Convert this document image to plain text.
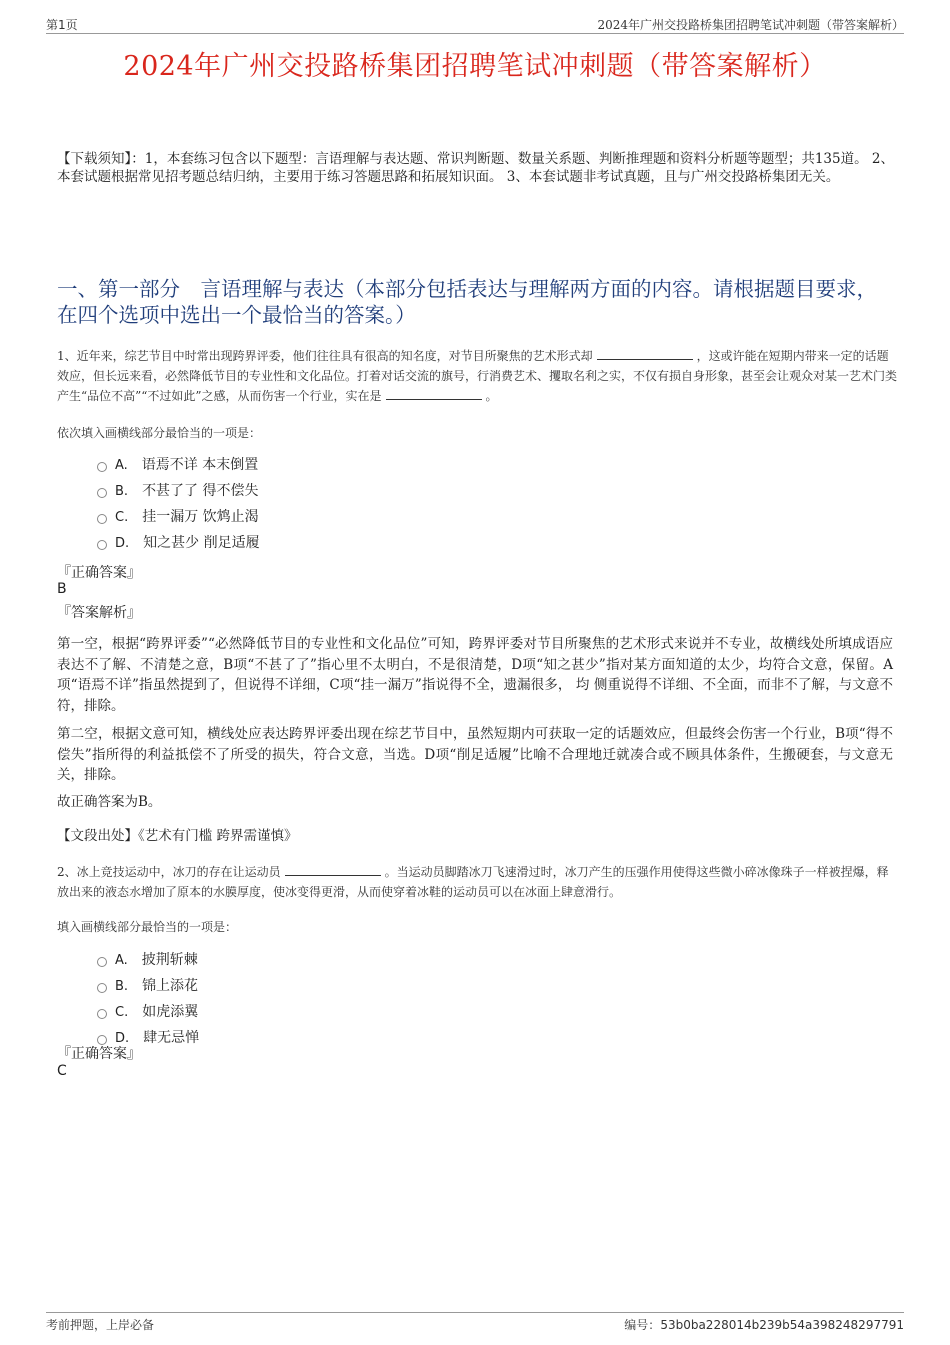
第1页	2024年广州交投路桥集团招聘笔试冲刺题（带答案解析）
2024年广州交投路桥集团招聘笔试冲刺题（带答案解析）
【下载须知】：1，本套练习包含以下题型：言语理解与表达题、常识判断题、数量关系题、判断推理题和资料分析题等题型；共135道。 2、本套试题根据常见招考题总结归纳，主要用于练习答题思路和拓展知识面。 3、本套试题非考试真题，且与广州交投路桥集团无关。
一、第一部分　言语理解与表达（本部分包括表达与理解两方面的内容。请根据题目要求，在四个选项中选出一个最恰当的答案。）
1、近年来，综艺节目中时常出现跨界评委，他们往往具有很高的知名度，对节目所聚焦的艺术形式却	，这或许能在短期内带来一定的话题效应，但长远来看，必然降低节目的专业性和文化品位。打着对话交流的旗号，行消费艺术、攫取名利之实，不仅有损自身形象，甚至会让观众对某一艺术门类产生“品位不高”“不过如此”之感，从而伤害一个行业，实在是	。
依次填入画横线部分最恰当的一项是：
A. 语焉不详 本末倒置
B. 不甚了了 得不偿失
C. 挂一漏万 饮鸩止渴
D. 知之甚少 削足适履
『正确答案』
B
『答案解析』
第一空，根据“跨界评委”“必然降低节目的专业性和文化品位”可知，跨界评委对节目所聚焦的艺术形式来说并不专业，故横线处所填成语应表达不了解、不清楚之意，B项“不甚了了”指心里不太明白，不是很清楚，D项“知之甚少”指对某方面知道的太少，均符合文意，保留。A项“语焉不详”指虽然提到了，但说得不详细，C项“挂一漏万”指说得不全，遗漏很多， 均 侧重说得不详细、不全面，而非不了解，与文意不符，排除。
第二空，根据文意可知，横线处应表达跨界评委出现在综艺节目中，虽然短期内可获取一定的话题效应，但最终会伤害一个行业，B项“得不偿失”指所得的利益抵偿不了所受的损失，符合文意，当选。D项“削足适履”比喻不合理地迁就凑合或不顾具体条件，生搬硬套，与文意无关，排除。
故正确答案为B。
【文段出处】《艺术有门槛 跨界需谨慎》
2、冰上竞技运动中，冰刀的存在让运动员	。当运动员脚踏冰刀飞速滑过时，冰刀产生的压强作用使得这些微小碎冰像珠子一样被捏爆，释放出来的液态水增加了原本的水膜厚度，使冰变得更滑，从而使穿着冰鞋的运动员可以在冰面上肆意滑行。
填入画横线部分最恰当的一项是：
A. 披荆斩棘
B. 锦上添花
C. 如虎添翼
D. 肆无忌惮
『正确答案』
C
考前押题，上岸必备	编号：53b0ba228014b239b54a398248297791
